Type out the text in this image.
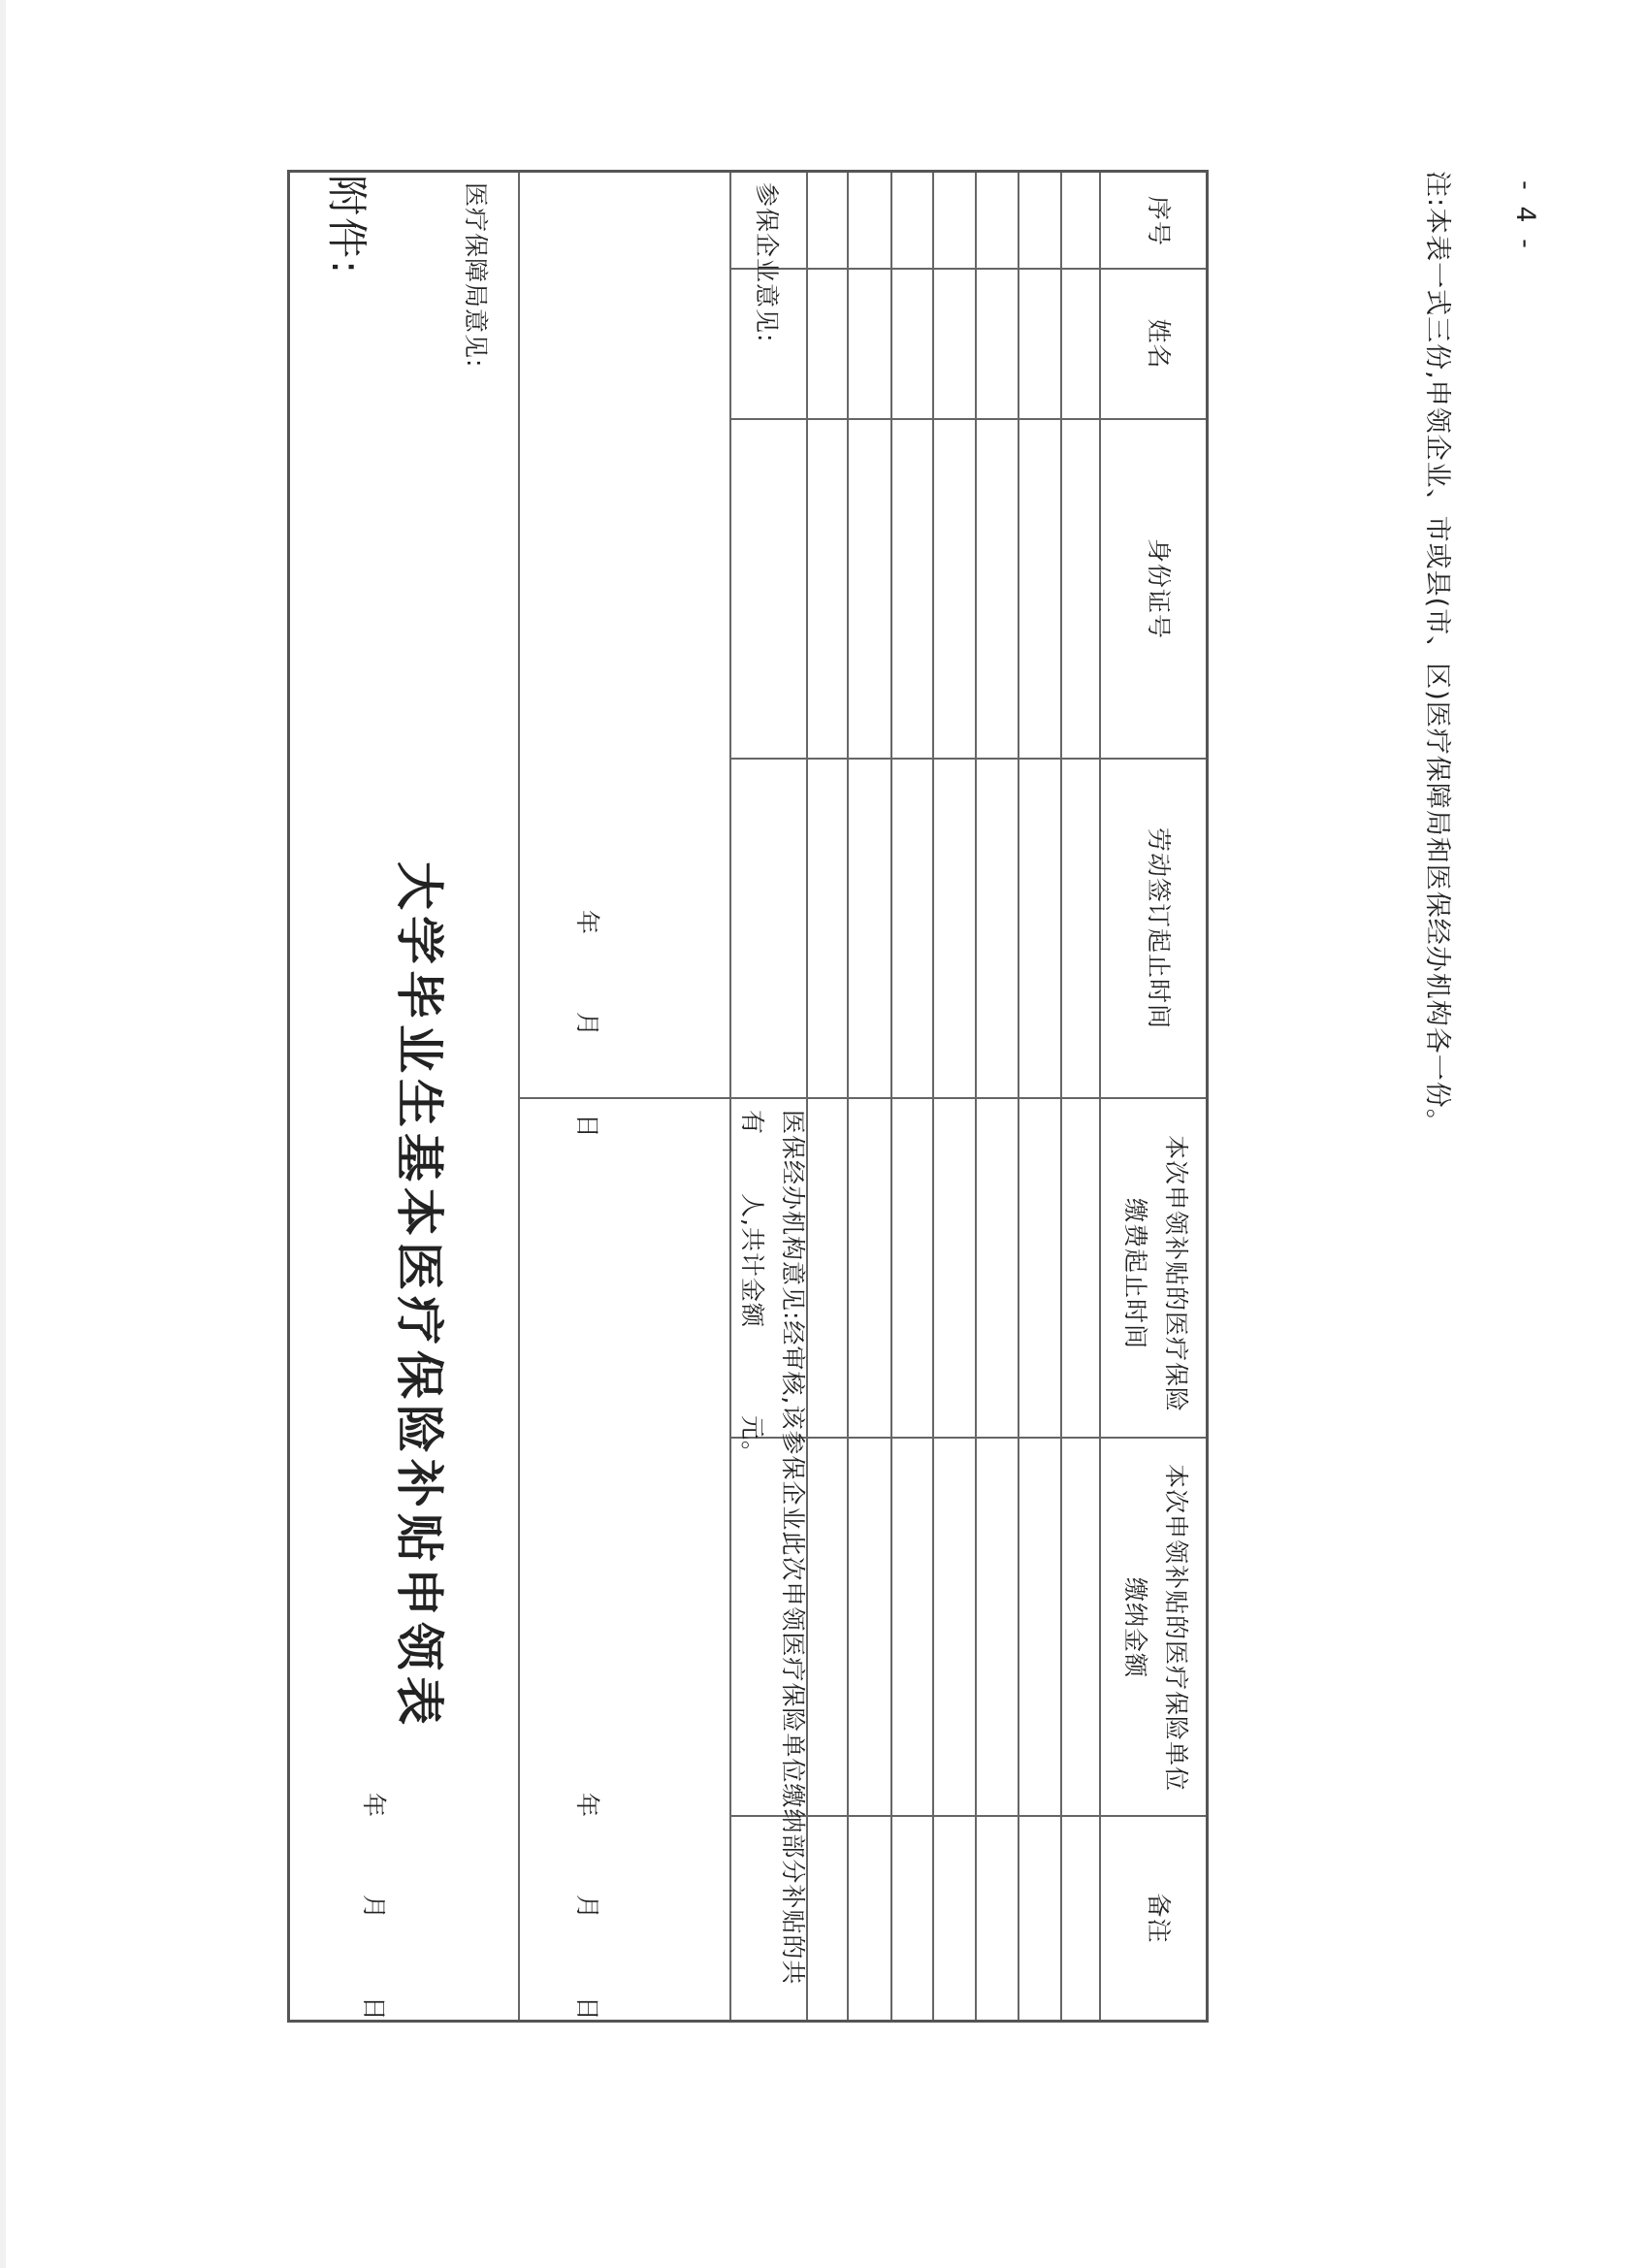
附件:
大学毕业生基本医疗保险补贴申领表
序号
姓名
身份证号
劳动签订起止时间
本次申领补贴的医疗保险缴费起止时间
本次申领补贴的医疗保险单位缴纳金额
备注
参保企业意见:
年 月 日
医保经办机构意见:经审核,该参保企业此次申领医疗保险单位缴纳部分补贴的共有人,共计金额元。
年 月 日
医疗保障局意见:
年 月 日
注:本表一式三份,申领企业、市或县(市、区)医疗保障局和医保经办机构各一份。 - 4 -
